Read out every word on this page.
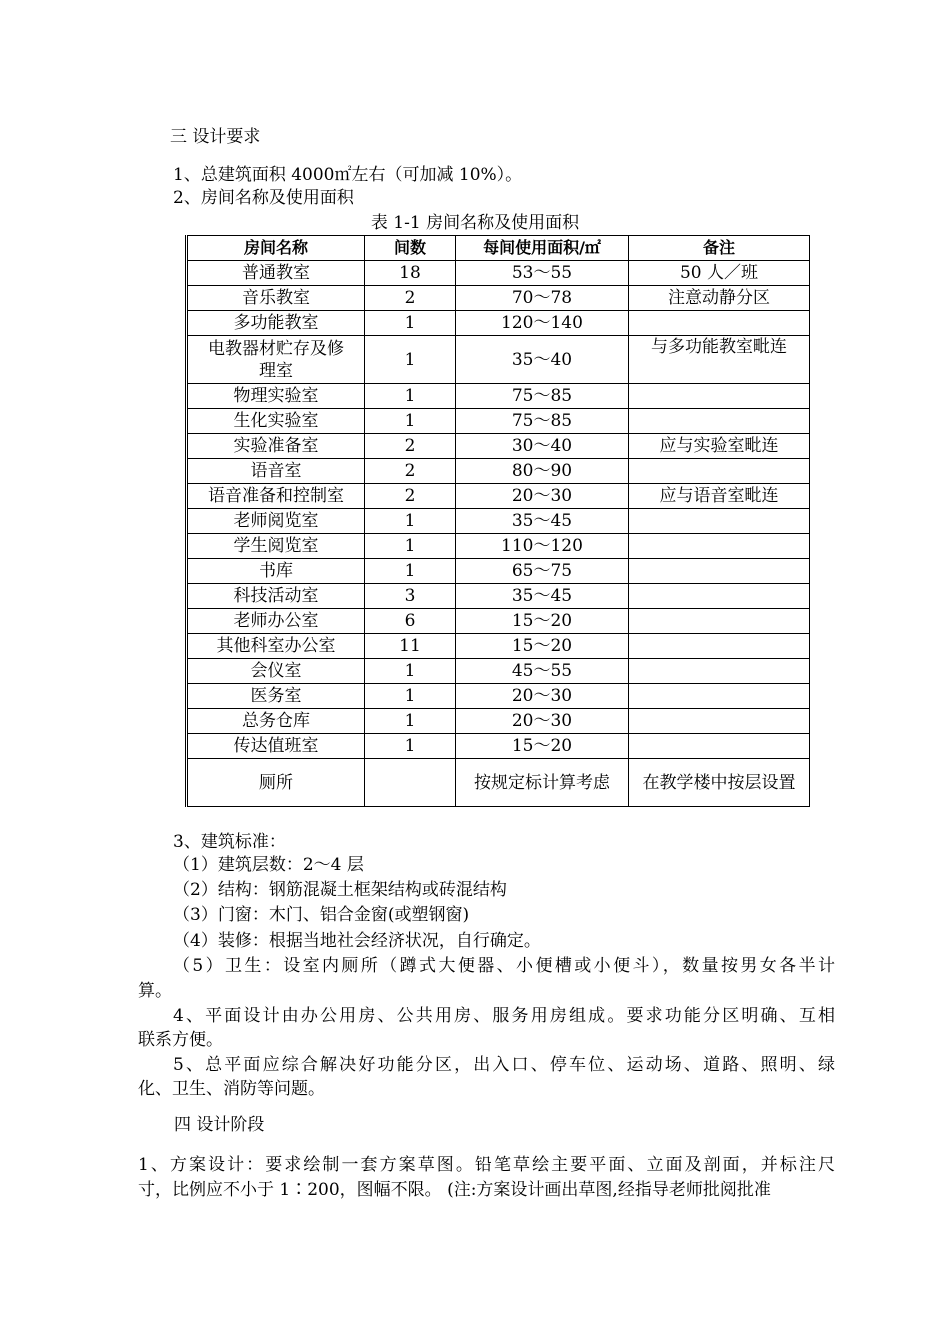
三 设计要求
1、总建筑面积 4000㎡左右（可加减 10%）。
2、房间名称及使用面积
表 1-1 房间名称及使用面积
房间名称	间数	每间使用面积/㎡	备注
普通教室	18	53～55	50 人／班
音乐教室	2	70～78	注意动静分区
多功能教室	1	120～140	
电教器材贮存及修理室	1	35～40	与多功能教室毗连
物理实验室	1	75～85	
生化实验室	1	75～85	
实验准备室	2	30～40	应与实验室毗连
语音室	2	80～90	
语音准备和控制室	2	20～30	应与语音室毗连
老师阅览室	1	35～45	
学生阅览室	1	110～120	
书库	1	65～75	
科技活动室	3	35～45	
老师办公室	6	15～20	
其他科室办公室	11	15～20	
会仪室	1	45～55	
医务室	1	20～30	
总务仓库	1	20～30	
传达值班室	1	15～20	
厕所		按规定标计算考虑	在教学楼中按层设置
3、建筑标准：
（1）建筑层数：2～4 层
（2）结构：钢筋混凝土框架结构或砖混结构
（3）门窗：木门、铝合金窗(或塑钢窗)
（4）装修：根据当地社会经济状况，自行确定。
（5）卫生：设室内厕所（蹲式大便器、小便槽或小便斗），数量按男女各半计
算。
4、平面设计由办公用房、公共用房、服务用房组成。要求功能分区明确、互相
联系方便。
5、总平面应综合解决好功能分区，出入口、停车位、运动场、道路、照明、绿
化、卫生、消防等问题。
四 设计阶段
1、方案设计：要求绘制一套方案草图。铅笔草绘主要平面、立面及剖面，并标注尺
寸，比例应不小于 1∶200，图幅不限。 (注:方案设计画出草图,经指导老师批阅批准
